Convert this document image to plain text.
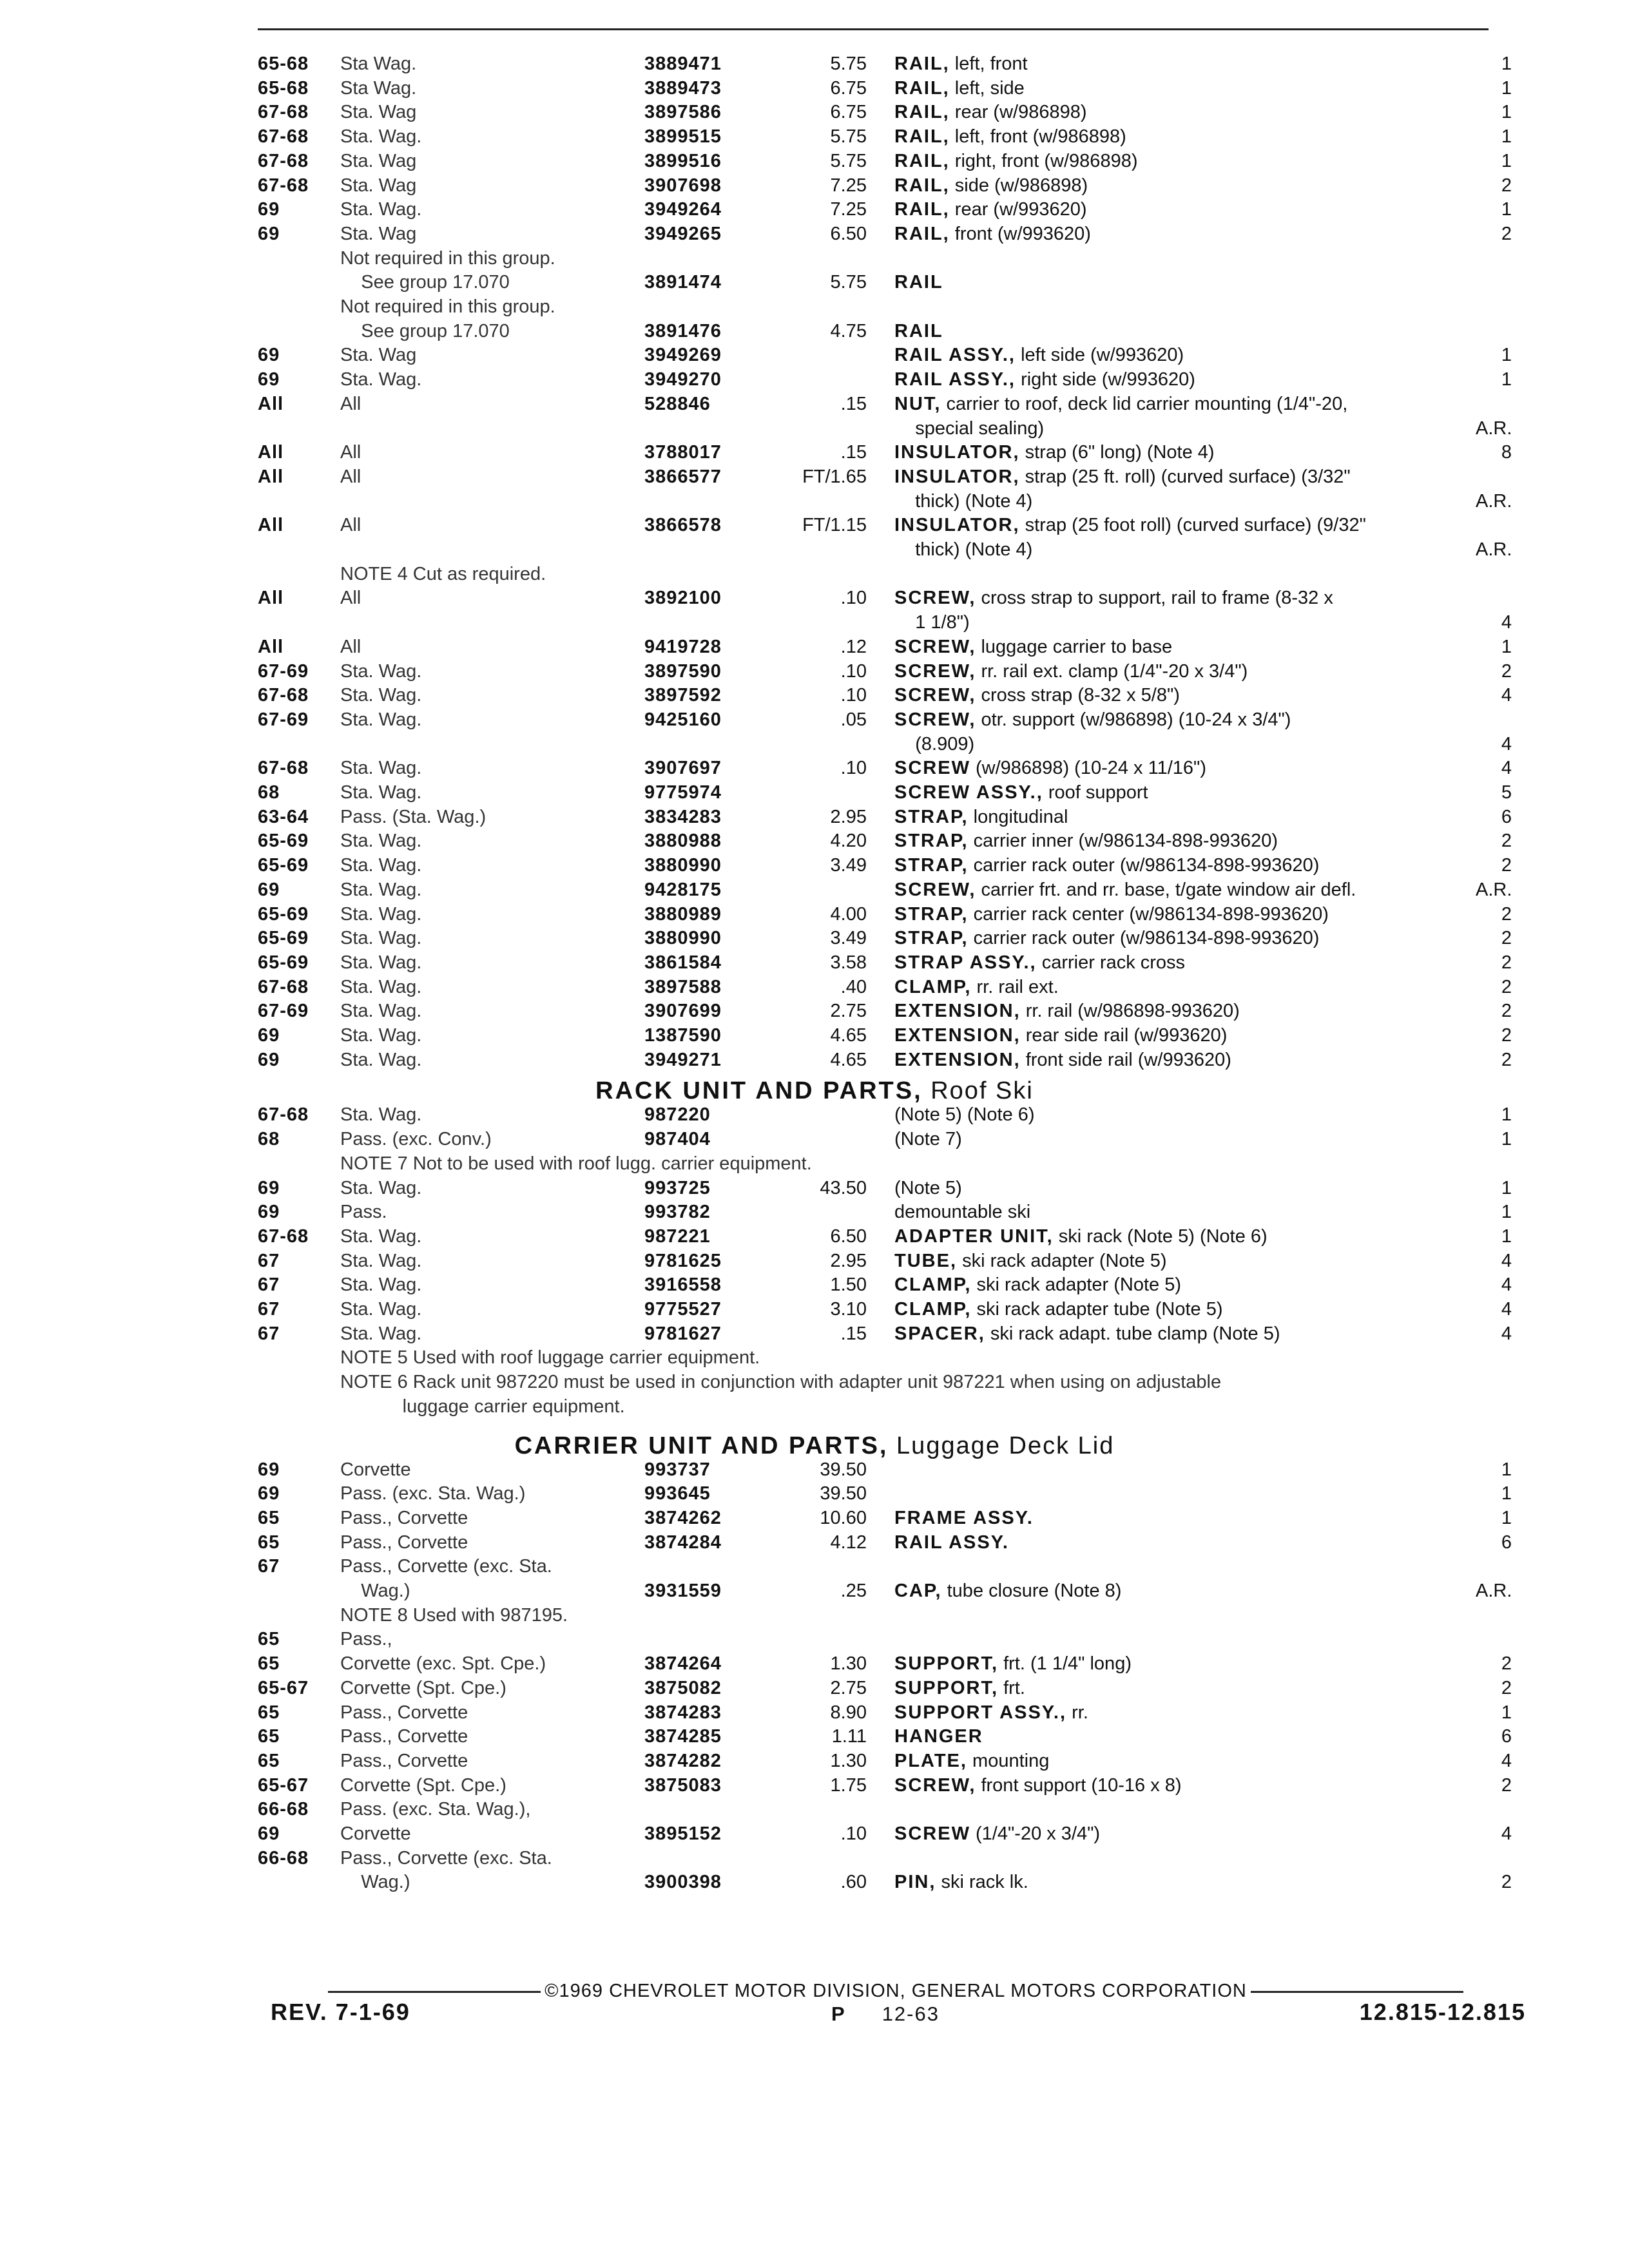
65-68 Sta Wag.	3889471	5.75 RAIL, left, front	1
65-68 Sta Wag.	3889473	6.75 RAIL, left, side	1
67-68 Sta. Wag	3897586	6.75 RAIL, rear (w/986898)	1
67-68 Sta. Wag.	3899515	5.75 RAIL, left, front (w/986898)	1
67-68 Sta. Wag	3899516	5.75 RAIL, right, front (w/986898)	1
67-68 Sta. Wag	3907698	7.25 RAIL, side (w/986898)	2
69	Sta. Wag.	3949264	7.25 RAIL, rear (w/993620)	1
69	Sta. Wag	3949265	6.50 RAIL, front (w/993620)	2
Not required in this group.
See group 17.070	3891474	5.75 RAIL
Not required in this group.
See group 17.070	3891476	4.75 RAIL
69	Sta. Wag	3949269	RAIL ASSY., left side (w/993620)	1
69	Sta. Wag.	3949270	RAIL ASSY., right side (w/993620)	1
All	All	528846	.15 NUT, carrier to roof, deck lid carrier mounting (1/4"-20,
special sealing)	A.R.
All	All	3788017	.15 INSULATOR, strap (6" long) (Note 4)	8
All	All	3866577	FT/1.65 INSULATOR, strap (25 ft. roll) (curved surface) (3/32"
thick) (Note 4)	A.R.
All	All	3866578	FT/1.15 INSULATOR, strap (25 foot roll) (curved surface) (9/32"
thick) (Note 4)	A.R.
NOTE 4 Cut as required.
All	All	3892100	.10 SCREW, cross strap to support, rail to frame (8-32 x
1 1/8")	4
All	All	9419728	.12 SCREW, luggage carrier to base	1
67-69 Sta. Wag.	3897590	.10 SCREW, rr. rail ext. clamp (1/4"-20 x 3/4")	2
67-68 Sta. Wag.	3897592	.10 SCREW, cross strap (8-32 x 5/8")	4
67-69 Sta. Wag.	9425160	.05 SCREW, otr. support (w/986898) (10-24 x 3/4")
(8.909)	4
67-68 Sta. Wag.	3907697	.10 SCREW (w/986898) (10-24 x 11/16")	4
68	Sta. Wag.	9775974	SCREW ASSY., roof support	5
63-64 Pass. (Sta. Wag.)	3834283	2.95 STRAP, longitudinal	6
65-69 Sta. Wag.	3880988	4.20 STRAP, carrier inner (w/986134-898-993620)	2
65-69 Sta. Wag.	3880990	3.49 STRAP, carrier rack outer (w/986134-898-993620)	2
69	Sta. Wag.	9428175	SCREW, carrier frt. and rr. base, t/gate window air defl.	A.R.
65-69 Sta. Wag.	3880989	4.00 STRAP, carrier rack center (w/986134-898-993620)	2
65-69 Sta. Wag.	3880990	3.49 STRAP, carrier rack outer (w/986134-898-993620)	2
65-69 Sta. Wag.	3861584	3.58 STRAP ASSY., carrier rack cross	2
67-68 Sta. Wag.	3897588	.40 CLAMP, rr. rail ext.	2
67-69 Sta. Wag.	3907699	2.75 EXTENSION, rr. rail (w/986898-993620)	2
69	Sta. Wag.	1387590	4.65 EXTENSION, rear side rail (w/993620)	2
69	Sta. Wag.	3949271	4.65 EXTENSION, front side rail (w/993620)	2
RACK UNIT AND PARTS, Roof Ski
67-68 Sta. Wag.	987220	(Note 5) (Note 6)	1
68	Pass. (exc. Conv.)	987404	(Note 7)	1
NOTE 7 Not to be used with roof lugg. carrier equipment.
69	Sta. Wag.	993725	43.50 (Note 5)	1
69	Pass.	993782	demountable ski	1
67-68 Sta. Wag.	987221	6.50 ADAPTER UNIT, ski rack (Note 5) (Note 6)	1
67	Sta. Wag.	9781625	2.95 TUBE, ski rack adapter (Note 5)	4
67	Sta. Wag.	3916558	1.50 CLAMP, ski rack adapter (Note 5)	4
67	Sta. Wag.	9775527	3.10 CLAMP, ski rack adapter tube (Note 5)	4
67	Sta. Wag.	9781627	.15 SPACER, ski rack adapt. tube clamp (Note 5)	4
NOTE 5 Used with roof luggage carrier equipment.
NOTE 6 Rack unit 987220 must be used in conjunction with adapter unit 987221 when using on adjustable
luggage carrier equipment.
CARRIER UNIT AND PARTS, Luggage Deck Lid
69	Corvette	993737	39.50	1
69	Pass. (exc. Sta. Wag.)	993645	39.50	1
65	Pass., Corvette	3874262	10.60 FRAME ASSY.	1
65	Pass., Corvette	3874284	4.12 RAIL ASSY.	6
67	Pass., Corvette (exc. Sta.
Wag.)	3931559	.25 CAP, tube closure (Note 8)	A.R.
NOTE 8 Used with 987195.
65	Pass.,
65	Corvette (exc. Spt. Cpe.)	3874264	1.30 SUPPORT, frt. (1 1/4" long)	2
65-67 Corvette (Spt. Cpe.)	3875082	2.75 SUPPORT, frt.	2
65	Pass., Corvette	3874283	8.90 SUPPORT ASSY., rr.	1
65	Pass., Corvette	3874285	1.11 HANGER	6
65	Pass., Corvette	3874282	1.30 PLATE, mounting	4
65-67 Corvette (Spt. Cpe.)	3875083	1.75 SCREW, front support (10-16 x 8)	2
66-68 Pass. (exc. Sta. Wag.),
69	Corvette	3895152	.10 SCREW (1/4"-20 x 3/4")	4
66-68 Pass., Corvette (exc. Sta.
Wag.)	3900398	.60 PIN, ski rack lk.	2
©1969 CHEVROLET MOTOR DIVISION, GENERAL MOTORS CORPORATION
REV. 7-1-69	P 12-63	12.815-12.815
